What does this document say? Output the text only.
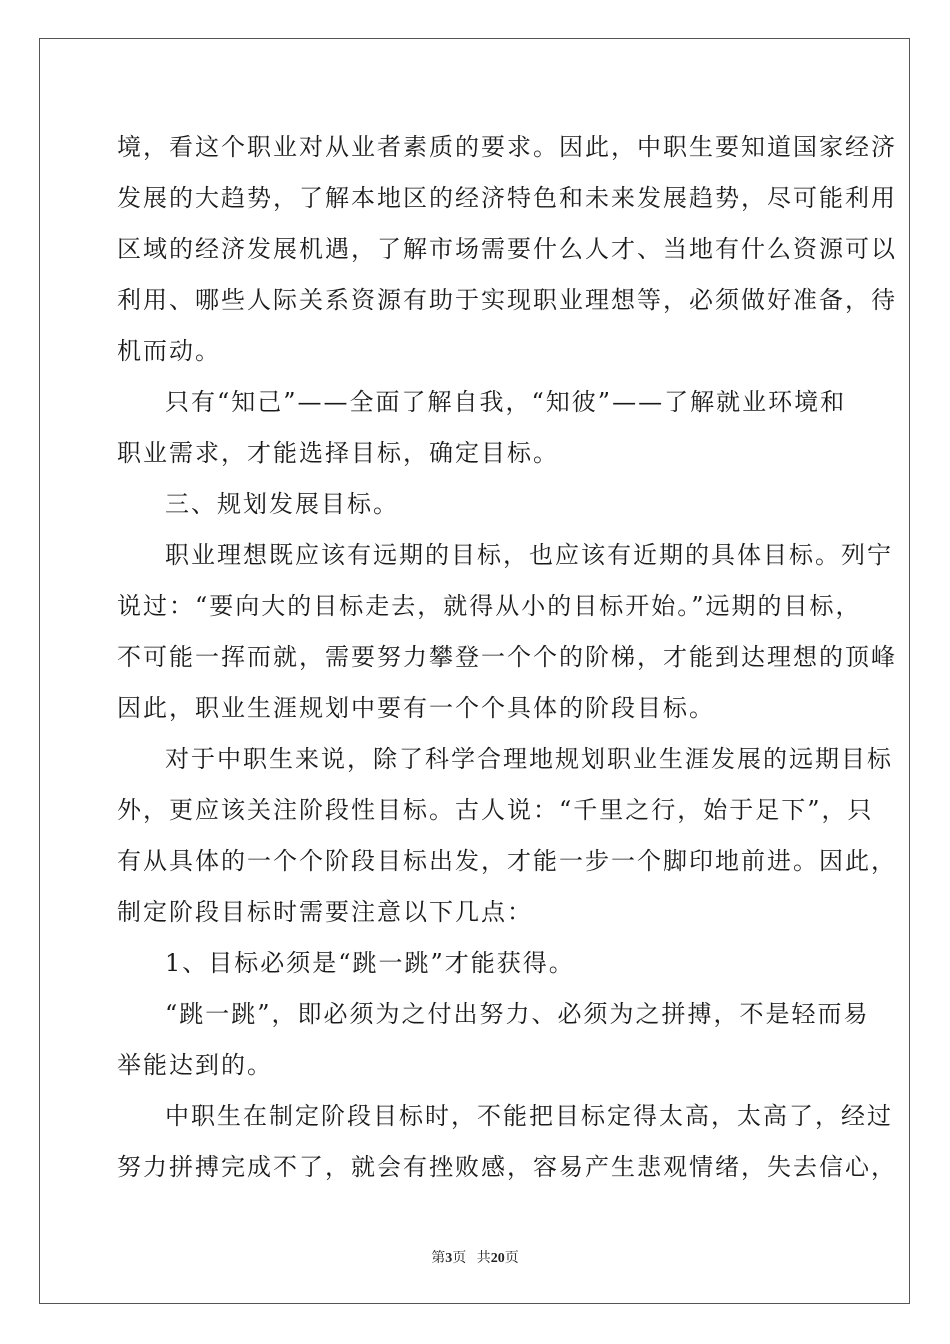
境，看这个职业对从业者素质的要求。因此，中职生要知道国家经济
发展的大趋势，了解本地区的经济特色和未来发展趋势，尽可能利用
区域的经济发展机遇，了解市场需要什么人才、当地有什么资源可以
利用、哪些人际关系资源有助于实现职业理想等，必须做好准备，待
机而动。
只有“知己”——全面了解自我，“知彼”——了解就业环境和
职业需求，才能选择目标，确定目标。
三、规划发展目标。
职业理想既应该有远期的目标，也应该有近期的具体目标。列宁
说过：“要向大的目标走去，就得从小的目标开始。”远期的目标，
不可能一挥而就，需要努力攀登一个个的阶梯，才能到达理想的顶峰
因此，职业生涯规划中要有一个个具体的阶段目标。
对于中职生来说，除了科学合理地规划职业生涯发展的远期目标
外，更应该关注阶段性目标。古人说：“千里之行，始于足下”，只
有从具体的一个个阶段目标出发，才能一步一个脚印地前进。因此，
制定阶段目标时需要注意以下几点：
1、目标必须是“跳一跳”才能获得。
“跳一跳”，即必须为之付出努力、必须为之拼搏，不是轻而易
举能达到的。
中职生在制定阶段目标时，不能把目标定得太高，太高了，经过
努力拼搏完成不了，就会有挫败感，容易产生悲观情绪，失去信心，
第3页 共20页
